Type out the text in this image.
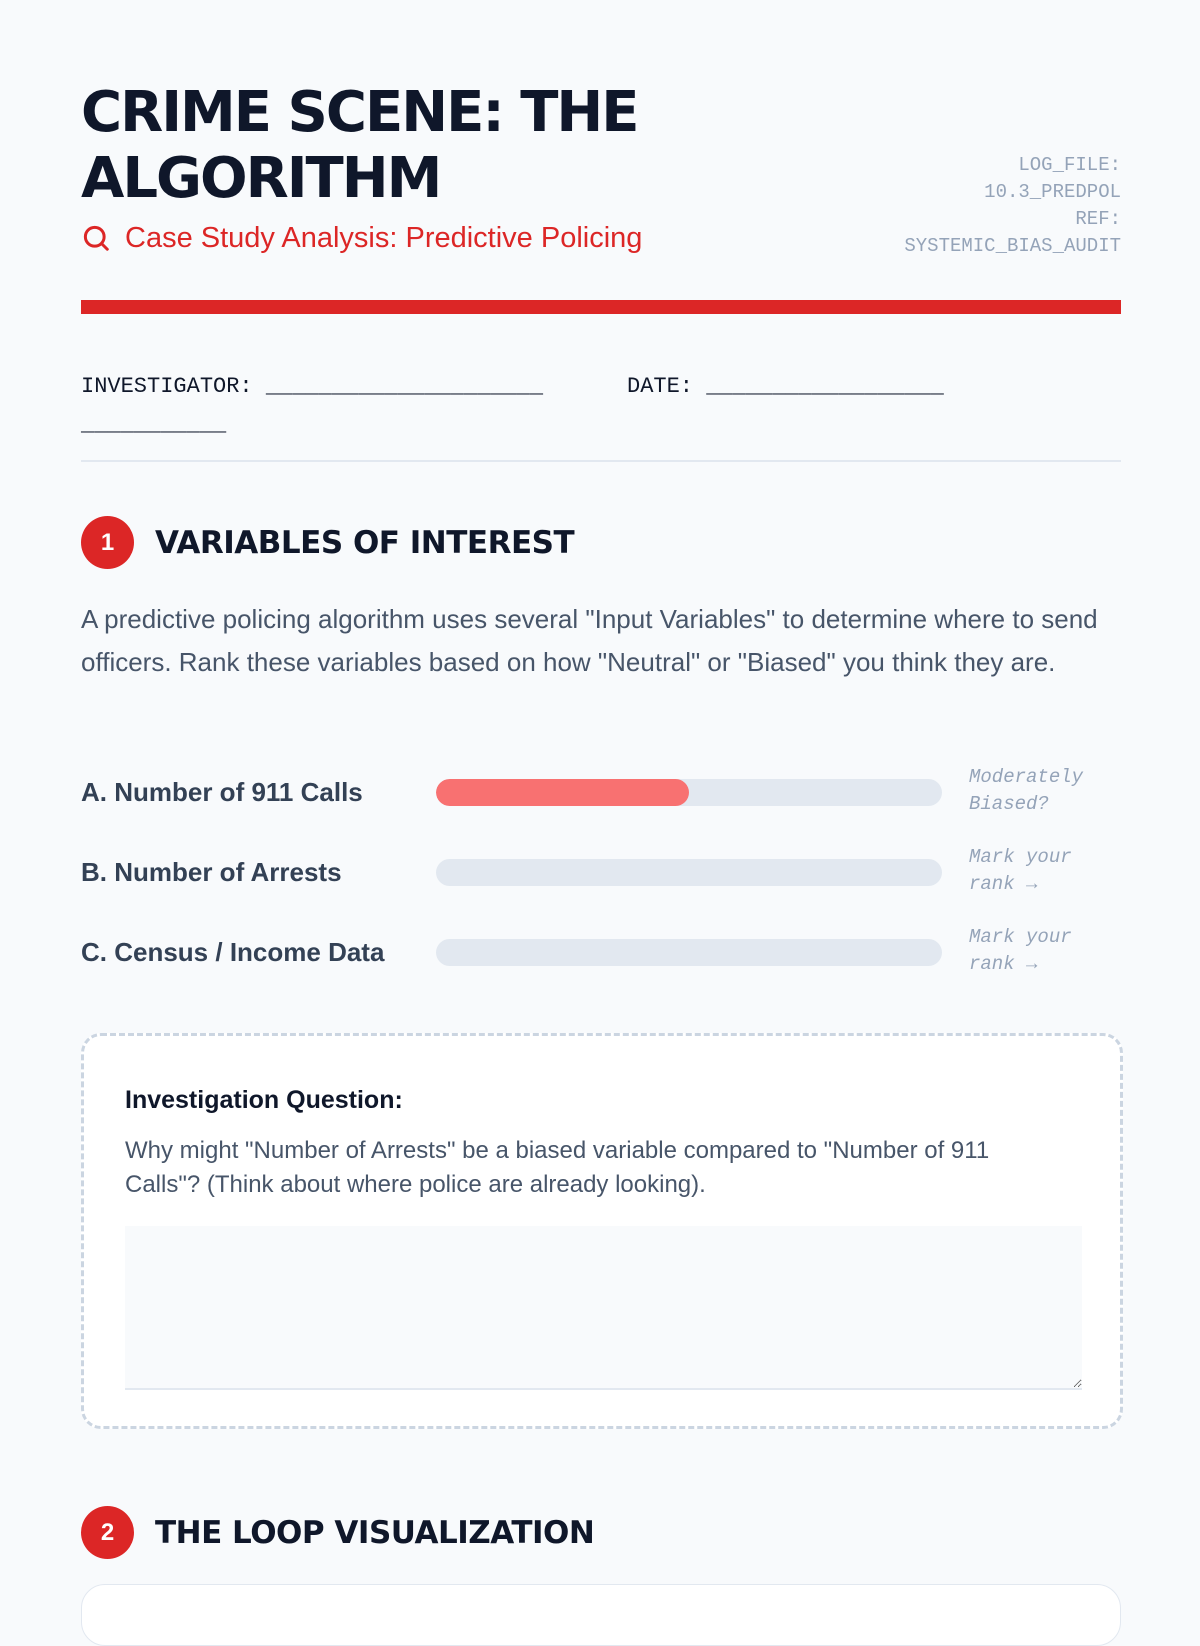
CRIME SCENE: THE ALGORITHM
Case Study Analysis: Predictive Policing
LOG_FILE:
10.3_PREDPOL
REF:
SYSTEMIC_BIAS_AUDIT
INVESTIGATOR: ________________________________
DATE: __________________
1	VARIABLES OF INTEREST

A predictive policing algorithm uses several "Input Variables" to determine where to send officers. Rank these variables based on how "Neutral" or "Biased" you think they are.

A. Number of 911 Calls	Moderately Biased?
B. Number of Arrests	Mark your rank →
C. Census / Income Data	Mark your rank →
Investigation Question:

Why might "Number of Arrests" be a biased variable compared to "Number of 911 Calls"? (Think about where police are already looking).

2	THE LOOP VISUALIZATION
